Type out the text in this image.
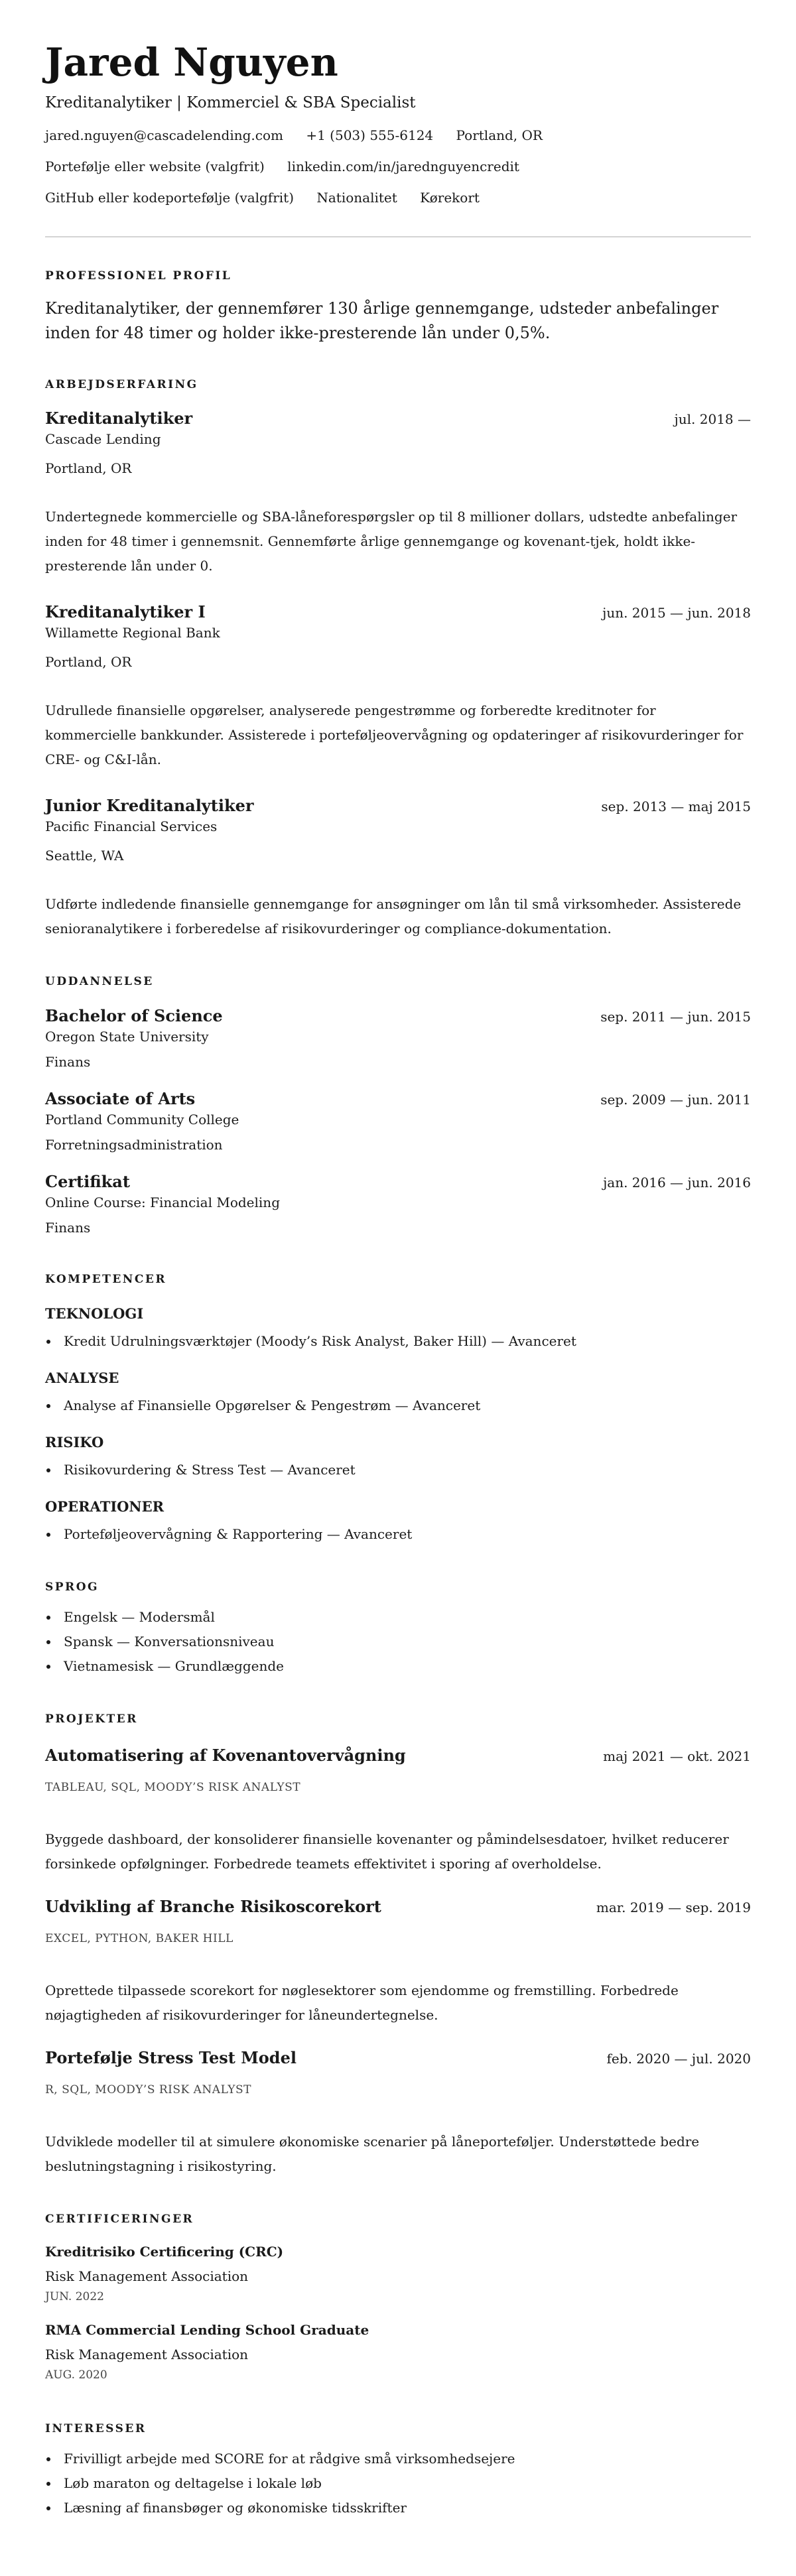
Jared Nguyen
Kreditanalytiker | Kommerciel & SBA Specialist
jared.nguyen@cascadelending.com +1 (503) 555-6124 Portland, OR
Portefølje eller website (valgfrit) linkedin.com/in/jarednguyencredit
GitHub eller kodeportefølje (valgfrit) Nationalitet Kørekort
PROFESSIONEL PROFIL
Kreditanalytiker, der gennemfører 130 årlige gennemgange, udsteder anbefalinger inden for 48 timer og holder ikke-presterende lån under 0,5%.
ARBEJDSERFARING
Kreditanalytiker	jul. 2018 —
Cascade Lending
Portland, OR
Undertegnede kommercielle og SBA-låneforespørgsler op til 8 millioner dollars, udstedte anbefalinger inden for 48 timer i gennemsnit. Gennemførte årlige gennemgange og kovenant-tjek, holdt ikke-presterende lån under 0.
Kreditanalytiker I	jun. 2015 — jun. 2018
Willamette Regional Bank
Portland, OR
Udrullede finansielle opgørelser, analyserede pengestrømme og forberedte kreditnoter for kommercielle bankkunder. Assisterede i porteføljeovervågning og opdateringer af risikovurderinger for CRE- og C&I-lån.
Junior Kreditanalytiker	sep. 2013 — maj 2015
Pacific Financial Services
Seattle, WA
Udførte indledende finansielle gennemgange for ansøgninger om lån til små virksomheder. Assisterede senioranalytikere i forberedelse af risikovurderinger og compliance-dokumentation.
UDDANNELSE
Bachelor of Science	sep. 2011 — jun. 2015
Oregon State University
Finans
Associate of Arts	sep. 2009 — jun. 2011
Portland Community College
Forretningsadministration
Certifikat	jan. 2016 — jun. 2016
Online Course: Financial Modeling
Finans
KOMPETENCER
TEKNOLOGI
Kredit Udrulningsværktøjer (Moody’s Risk Analyst, Baker Hill) — Avanceret
ANALYSE
Analyse af Finansielle Opgørelser & Pengestrøm — Avanceret
RISIKO
Risikovurdering & Stress Test — Avanceret
OPERATIONER
Porteføljeovervågning & Rapportering — Avanceret
SPROG
Engelsk — Modersmål
Spansk — Konversationsniveau
Vietnamesisk — Grundlæggende
PROJEKTER
Automatisering af Kovenantovervågning	maj 2021 — okt. 2021
TABLEAU, SQL, MOODY’S RISK ANALYST
Byggede dashboard, der konsoliderer finansielle kovenanter og påmindelsesdatoer, hvilket reducerer forsinkede opfølgninger. Forbedrede teamets effektivitet i sporing af overholdelse.
Udvikling af Branche Risikoscorekort	mar. 2019 — sep. 2019
EXCEL, PYTHON, BAKER HILL
Oprettede tilpassede scorekort for nøglesektorer som ejendomme og fremstilling. Forbedrede nøjagtigheden af risikovurderinger for låneundertegnelse.
Portefølje Stress Test Model	feb. 2020 — jul. 2020
R, SQL, MOODY’S RISK ANALYST
Udviklede modeller til at simulere økonomiske scenarier på låneporteføljer. Understøttede bedre beslutningstagning i risikostyring.
CERTIFICERINGER
Kreditrisiko Certificering (CRC)
Risk Management Association
JUN. 2022
RMA Commercial Lending School Graduate
Risk Management Association
AUG. 2020
INTERESSER
Frivilligt arbejde med SCORE for at rådgive små virksomhedsejere
Løb maraton og deltagelse i lokale løb
Læsning af finansbøger og økonomiske tidsskrifter
